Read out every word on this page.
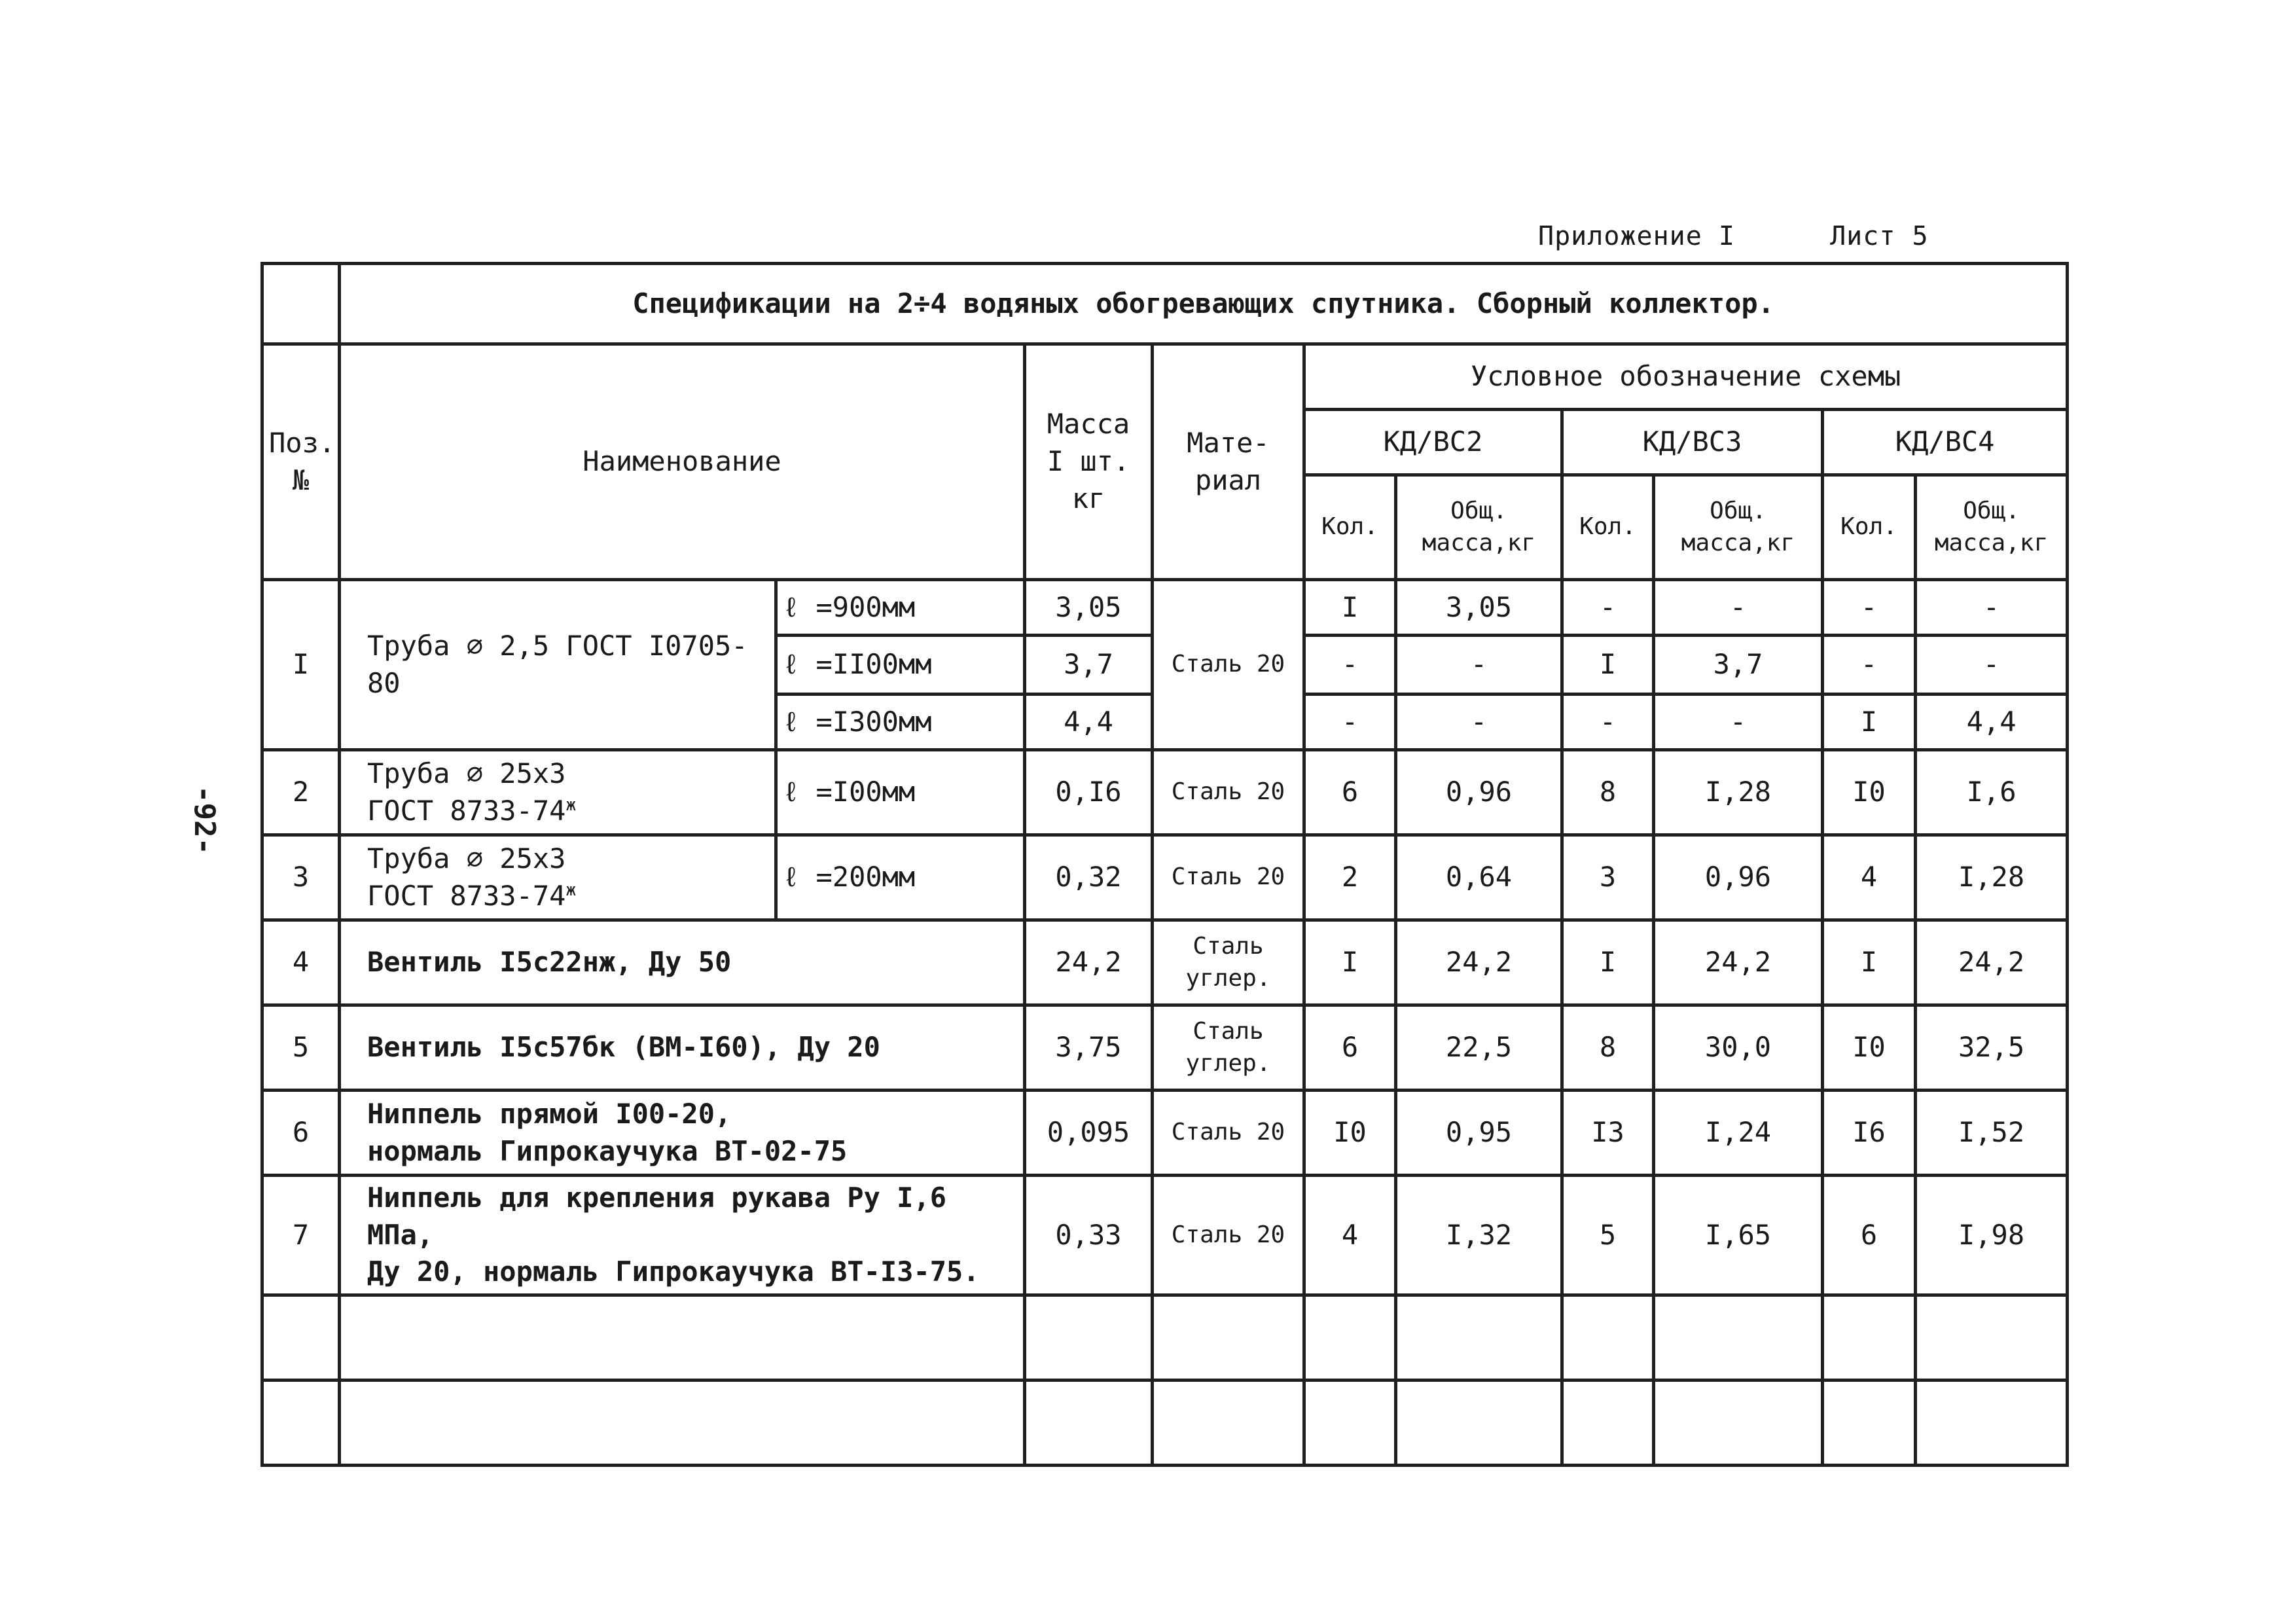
Приложение I	Лист 5
-92-
	Спецификации на 2÷4 водяных обогревающих спутника. Сборный коллектор.									
Поз. №	Наименование		Масса I шт. кг	Мате-риал	Условное обозначение схемы					
					КД/ВС2		КД/ВС3		КД/ВС4	
					Кол.	Общ. масса,кг	Кол.	Общ. масса,кг	Кол.	Общ. масса,кг
I	Труба ∅ 2,5 ГОСТ I0705-80	ℓ =900мм	3,05	Сталь 20	I	3,05	-	-	-	-
		ℓ =II00мм	3,7		-	-	I	3,7	-	-
		ℓ =I300мм	4,4		-	-	-	-	I	4,4
2	Труба ∅ 25x3
ГОСТ $8733-74^ж$	ℓ =I00мм	0,I6	Сталь 20	6	0,96	8	I,28	I0	I,6
3	Труба ∅ 25x3
ГОСТ $8733-74^ж$	ℓ =200мм	0,32	Сталь 20	2	0,64	3	0,96	4	I,28
4	Вентиль I5c22нж, Ду 50		24,2	Сталь углер.	I	24,2	I	24,2	I	24,2
5	Вентиль I5c57бк (ВМ-I60), Ду 20		3,75	Сталь углер.	6	22,5	8	30,0	I0	32,5
6	Ниппель прямой I00-20,
нормаль Гипрокаучука ВТ-02-75		0,095	Сталь 20	I0	0,95	I3	I,24	I6	I,52
7	Ниппель для крепления рукава Ру I,6 МПа,
Ду 20, нормаль Гипрокаучука ВТ-I3-75.		0,33	Сталь 20	4	I,32	5	I,65	6	I,98
